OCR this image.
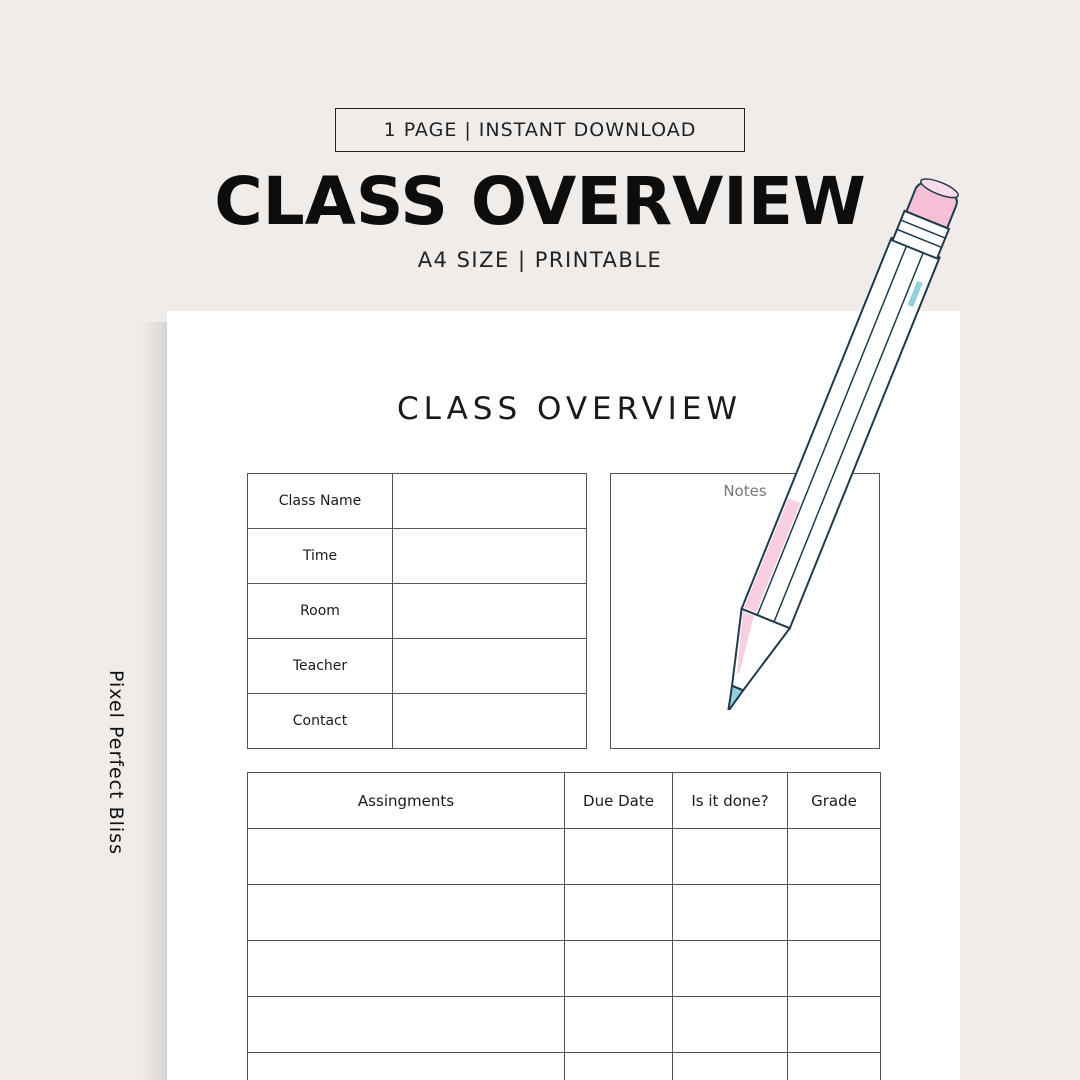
1 PAGE | INSTANT DOWNLOAD
CLASS OVERVIEW
A4 SIZE | PRINTABLE
Pixel Perfect Bliss
CLASS OVERVIEW
Class Name	
Time	
Room	
Teacher	
Contact	
Notes
Assingments	Due Date	Is it done?	Grade
